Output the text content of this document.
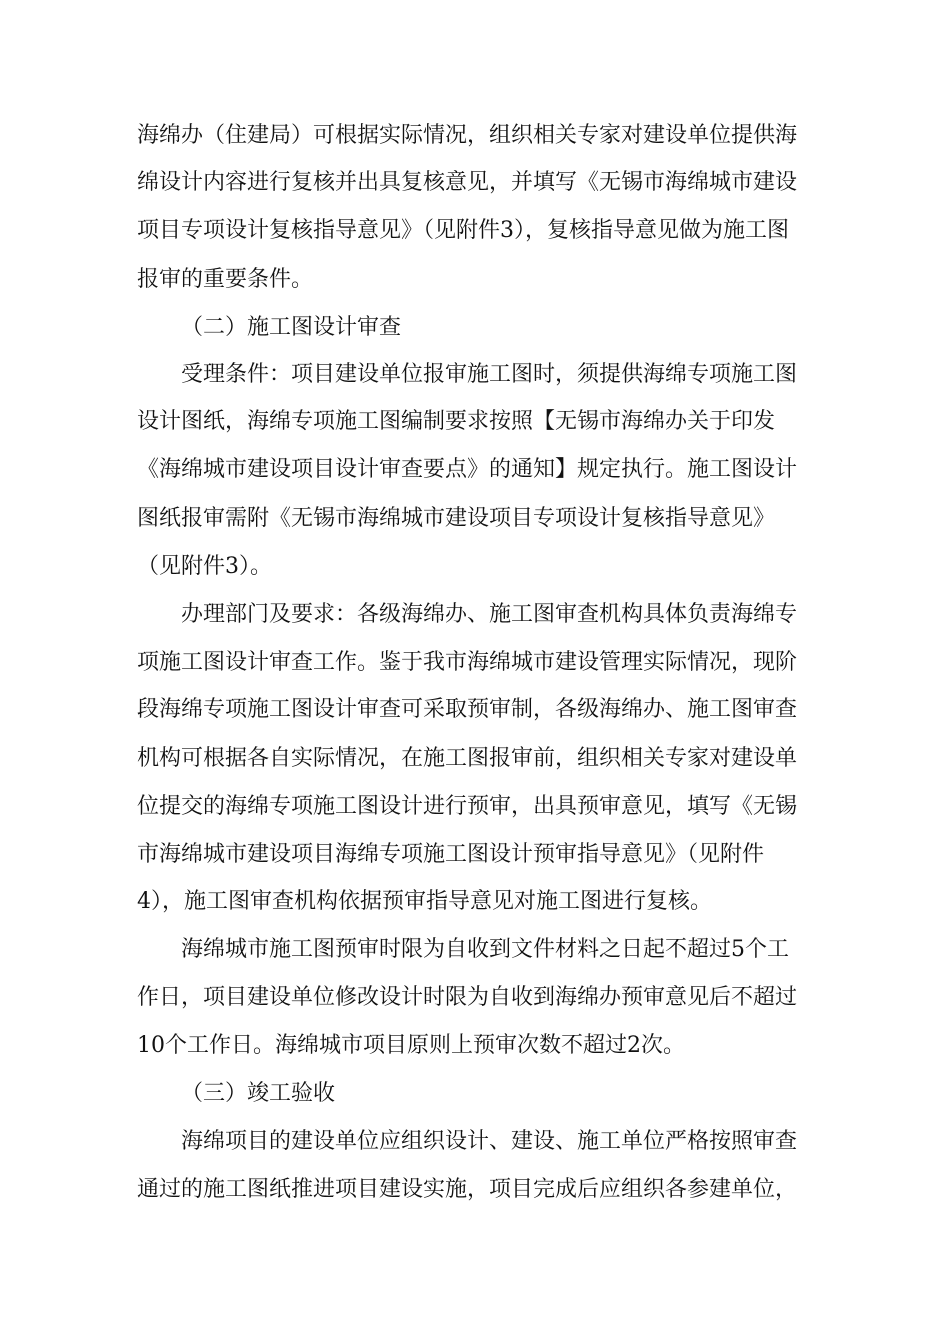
海绵办（住建局）可根据实际情况，组织相关专家对建设单位提供海
绵设计内容进行复核并出具复核意见，并填写《无锡市海绵城市建设
项目专项设计复核指导意见》（见附件3），复核指导意见做为施工图
报审的重要条件。
（二）施工图设计审查
受理条件：项目建设单位报审施工图时，须提供海绵专项施工图
设计图纸，海绵专项施工图编制要求按照【无锡市海绵办关于印发
《海绵城市建设项目设计审查要点》的通知】规定执行。施工图设计
图纸报审需附《无锡市海绵城市建设项目专项设计复核指导意见》
（见附件3）。
办理部门及要求：各级海绵办、施工图审查机构具体负责海绵专
项施工图设计审查工作。鉴于我市海绵城市建设管理实际情况，现阶
段海绵专项施工图设计审查可采取预审制，各级海绵办、施工图审查
机构可根据各自实际情况，在施工图报审前，组织相关专家对建设单
位提交的海绵专项施工图设计进行预审，出具预审意见，填写《无锡
市海绵城市建设项目海绵专项施工图设计预审指导意见》（见附件
4），施工图审查机构依据预审指导意见对施工图进行复核。
海绵城市施工图预审时限为自收到文件材料之日起不超过5个工
作日，项目建设单位修改设计时限为自收到海绵办预审意见后不超过
10个工作日。海绵城市项目原则上预审次数不超过2次。
（三）竣工验收
海绵项目的建设单位应组织设计、建设、施工单位严格按照审查
通过的施工图纸推进项目建设实施，项目完成后应组织各参建单位，
